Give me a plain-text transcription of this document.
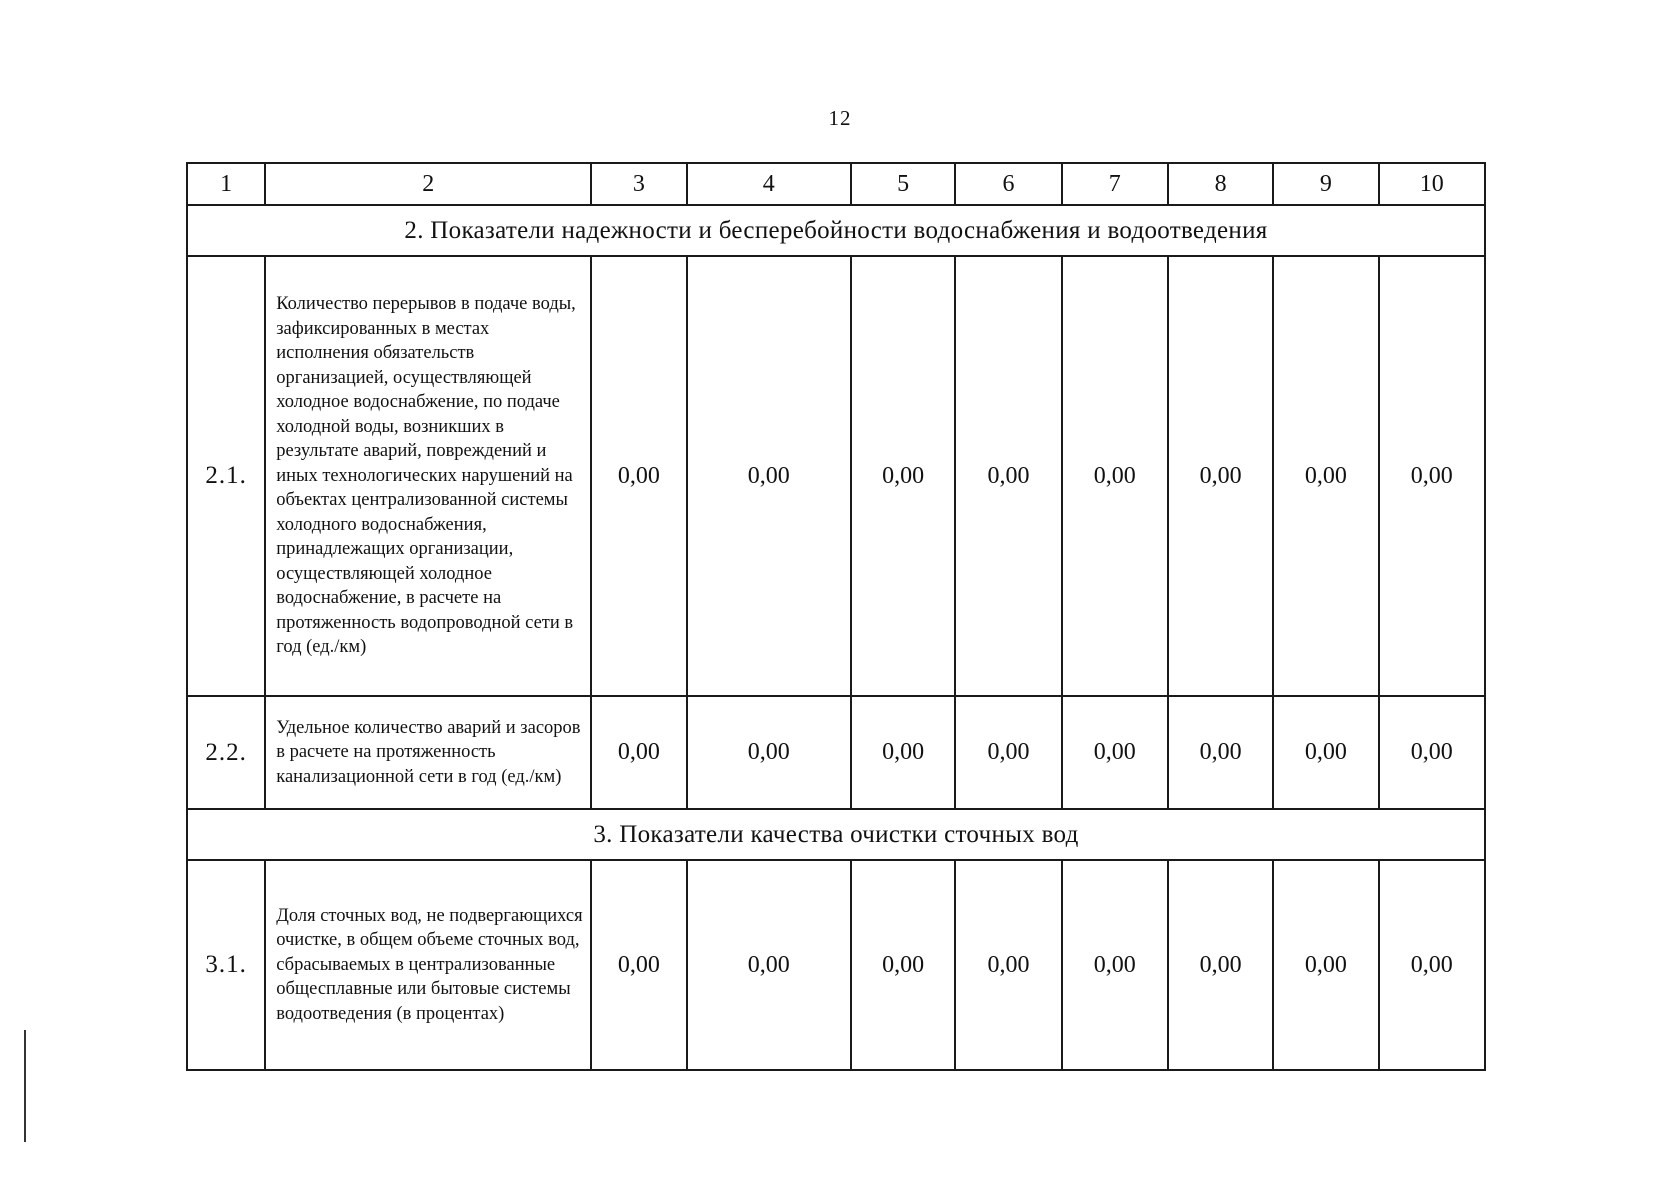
12
1	2	3	4	5	6	7	8	9	10
2. Показатели надежности и бесперебойности водоснабжения и водоотведения									
2.1.	Количество перерывов в подаче воды, зафиксированных в местах исполнения обязательств организацией, осуществляющей холодное водоснабжение, по подаче холодной воды, возникших в результате аварий, повреждений и иных технологических нарушений на объектах централизованной системы холодного водоснабжения, принадлежащих организации, осуществляющей холодное водоснабжение, в расчете на протяженность водопроводной сети в год (ед./км)	0,00	0,00	0,00	0,00	0,00	0,00	0,00	0,00
2.2.	Удельное количество аварий и засоров в расчете на протяженность канализационной сети в год (ед./км)	0,00	0,00	0,00	0,00	0,00	0,00	0,00	0,00
3. Показатели качества очистки сточных вод									
3.1.	Доля сточных вод, не подвергающихся очистке, в общем объеме сточных вод, сбрасываемых в централизованные общесплавные или бытовые системы водоотведения (в процентах)	0,00	0,00	0,00	0,00	0,00	0,00	0,00	0,00
